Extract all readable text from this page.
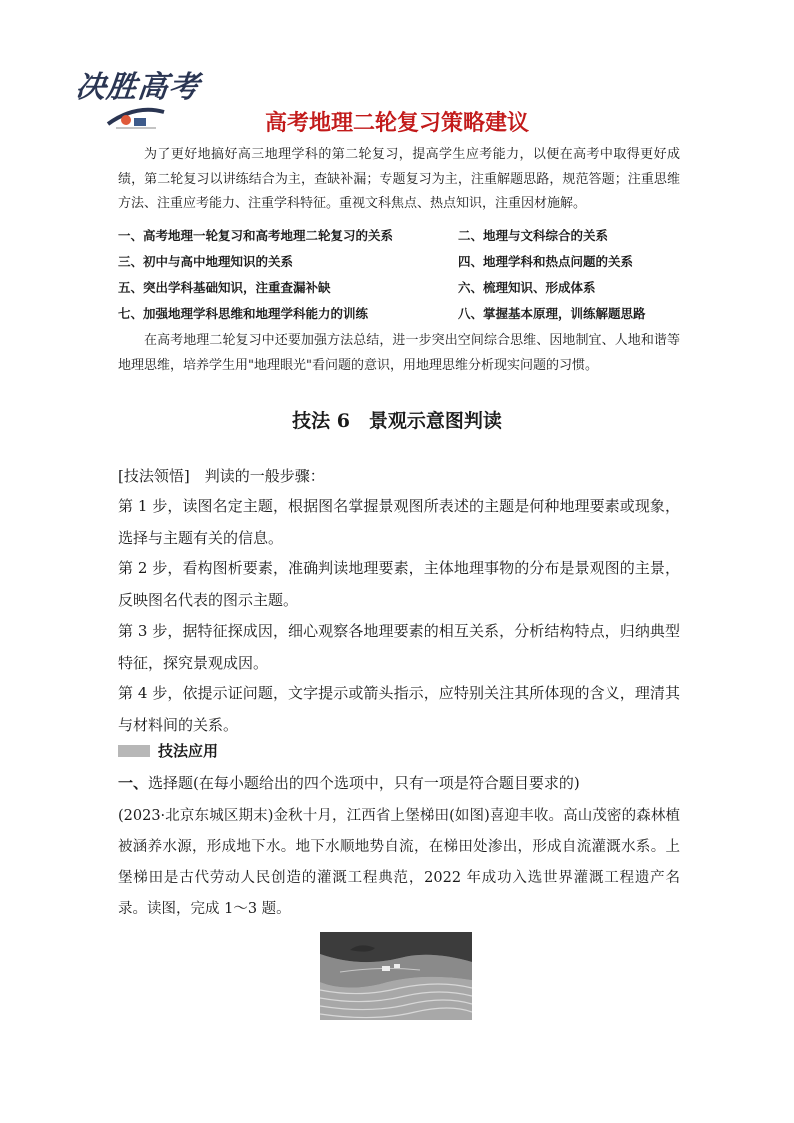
决胜高考
高考地理二轮复习策略建议
为了更好地搞好高三地理学科的第二轮复习，提高学生应考能力，以便在高考中取得更好成绩，第二轮复习以讲练结合为主，查缺补漏；专题复习为主，注重解题思路，规范答题；注重思维方法、注重应考能力、注重学科特征。重视文科焦点、热点知识，注重因材施解。
一、高考地理一轮复习和高考地理二轮复习的关系	二、地理与文科综合的关系
三、初中与高中地理知识的关系	四、地理学科和热点问题的关系
五、突出学科基础知识，注重查漏补缺	六、梳理知识、形成体系
七、加强地理学科思维和地理学科能力的训练	八、掌握基本原理，训练解题思路
在高考地理二轮复习中还要加强方法总结，进一步突出空间综合思维、因地制宜、人地和谐等地理思维，培养学生用"地理眼光"看问题的意识，用地理思维分析现实问题的习惯。
技法 6　景观示意图判读
[技法领悟]　判读的一般步骤：
第 1 步，读图名定主题，根据图名掌握景观图所表述的主题是何种地理要素或现象，选择与主题有关的信息。
第 2 步，看构图析要素，准确判读地理要素，主体地理事物的分布是景观图的主景，反映图名代表的图示主题。
第 3 步，据特征探成因，细心观察各地理要素的相互关系，分析结构特点，归纳典型特征，探究景观成因。
第 4 步，依提示证问题，文字提示或箭头指示，应特别关注其所体现的含义，理清其与材料间的关系。
技法应用
一、选择题(在每小题给出的四个选项中，只有一项是符合题目要求的)
(2023·北京东城区期末)金秋十月，江西省上堡梯田(如图)喜迎丰收。高山茂密的森林植被涵养水源，形成地下水。地下水顺地势自流，在梯田处渗出，形成自流灌溉水系。上堡梯田是古代劳动人民创造的灌溉工程典范，2022 年成功入选世界灌溉工程遗产名录。读图，完成 1～3 题。
